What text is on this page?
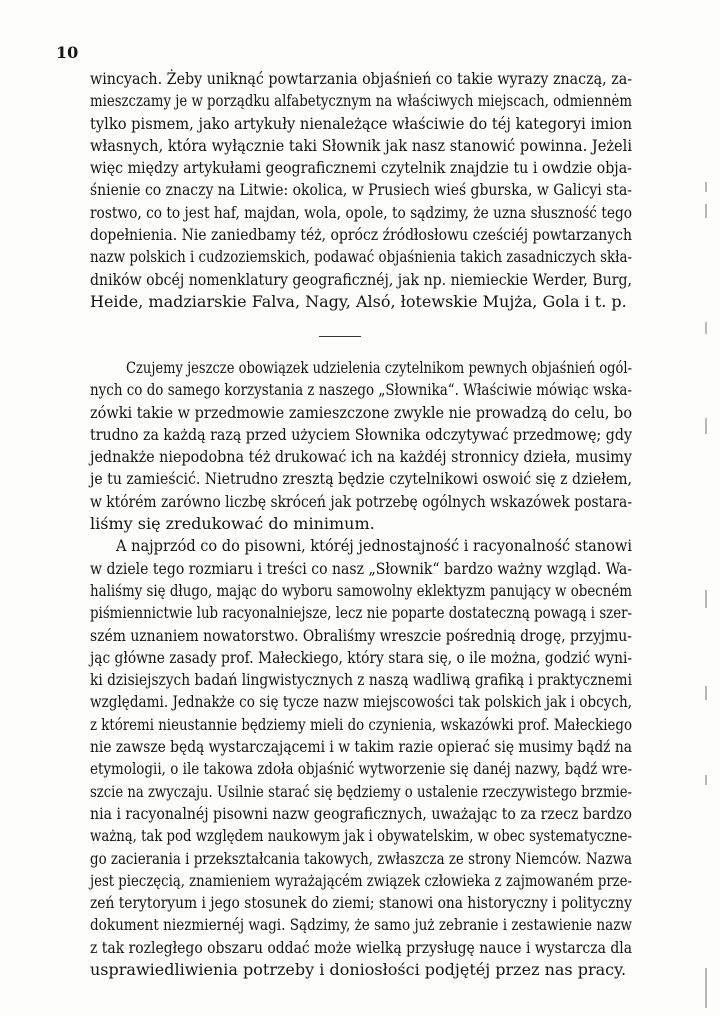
10
wincyach. Żeby uniknąć powtarzania objaśnień co takie wyrazy znaczą, za-
mieszczamy je w porządku alfabetycznym na właściwych miejscach, odmiennėm
tylko pismem, jako artykuły nienależące właściwie do téj kategoryi imion
własnych, która wyłącznie taki Słownik jak nasz stanowić powinna. Jeżeli
więc między artykułami geograficznemi czytelnik znajdzie tu i owdzie obja-
śnienie co znaczy na Litwie: okolica, w Prusiech wieś gburska, w Galicyi sta-
rostwo, co to jest haf, majdan, wola, opole, to sądzimy, że uzna słuszność tego
dopełnienia. Nie zaniedbamy téż, oprócz źródłosłowu cześciéj powtarzanych
nazw polskich i cudzoziemskich, podawać objaśnienia takich zasadniczych skła-
dników obcéj nomenklatury geograficznéj, jak np. niemieckie Werder, Burg,
Heide, madziarskie Falva, Nagy, Alsó, łotewskie Mujża, Gola i t. p.
Czujemy jeszcze obowiązek udzielenia czytelnikom pewnych objaśnień ogól-
nych co do samego korzystania z naszego „Słownika“. Właściwie mówiąc wska-
zówki takie w przedmowie zamieszczone zwykle nie prowadzą do celu, bo
trudno za każdą razą przed użyciem Słownika odczytywać przedmowę; gdy
jednakże niepodobna téż drukować ich na każdéj stronnicy dzieła, musimy
je tu zamieścić. Nietrudno zresztą będzie czytelnikowi oswoić się z dziełem,
w którém zarówno liczbę skróceń jak potrzebę ogólnych wskazówek postara-
liśmy się zredukować do minimum.
A najprzód co do pisowni, któréj jednostajność i racyonalność stanowi
w dziele tego rozmiaru i treści co nasz „Słownik“ bardzo ważny wzgląd. Wa-
haliśmy się długo, mając do wyboru samowolny eklektyzm panujący w obecném
piśmiennictwie lub racyonalniejsze, lecz nie poparte dostateczną powagą i szer-
szém uznaniem nowatorstwo. Obraliśmy wreszcie pośrednią drogę, przyjmu-
jąc główne zasady prof. Małeckiego, który stara się, o ile można, godzić wyni-
ki dzisiejszych badań lingwistycznych z naszą wadliwą grafiką i praktycznemi
względami. Jednakże co się tycze nazw miejscowości tak polskich jak i obcych,
z któremi nieustannie będziemy mieli do czynienia, wskazówki prof. Małeckiego
nie zawsze będą wystarczającemi i w takim razie opierać się musimy bądź na
etymologii, o ile takowa zdoła objaśnić wytworzenie się danéj nazwy, bądź wre-
szcie na zwyczaju. Usilnie starać się będziemy o ustalenie rzeczywistego brzmie-
nia i racyonalnéj pisowni nazw geograficznych, uważając to za rzecz bardzo
ważną, tak pod względem naukowym jak i obywatelskim, w obec systematyczne-
go zacierania i przekształcania takowych, zwłaszcza ze strony Niemców. Nazwa
jest pieczęcią, znamieniem wyrażającém związek człowieka z zajmowaném prze-
zeń terytoryum i jego stosunek do ziemi; stanowi ona historyczny i polityczny
dokument niezmiernéj wagi. Sądzimy, że samo już zebranie i zestawienie nazw
z tak rozległego obszaru oddać może wielką przysługę nauce i wystarcza dla
usprawiedliwienia potrzeby i doniosłości podjętéj przez nas pracy.
